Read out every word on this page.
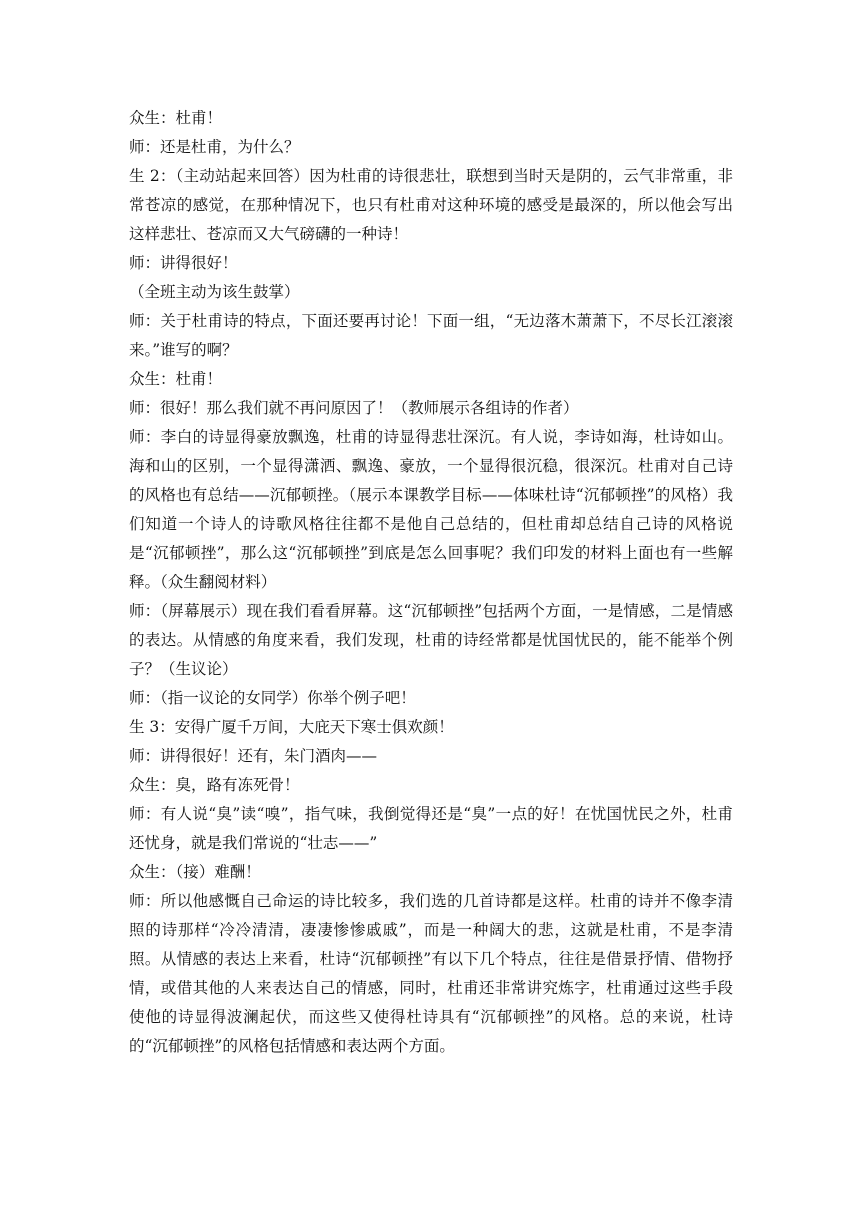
众生：杜甫！

师：还是杜甫，为什么？

生 2：（主动站起来回答）因为杜甫的诗很悲壮，联想到当时天是阴的，云气非常重，非常苍凉的感觉，在那种情况下，也只有杜甫对这种环境的感受是最深的，所以他会写出这样悲壮、苍凉而又大气磅礴的一种诗！

师：讲得很好！

（全班主动为该生鼓掌）

师：关于杜甫诗的特点，下面还要再讨论！下面一组，“无边落木萧萧下，不尽长江滚滚来。”谁写的啊？

众生：杜甫！

师：很好！那么我们就不再问原因了！（教师展示各组诗的作者）

师：李白的诗显得豪放飘逸，杜甫的诗显得悲壮深沉。有人说，李诗如海，杜诗如山。海和山的区别，一个显得潇洒、飘逸、豪放，一个显得很沉稳，很深沉。杜甫对自己诗的风格也有总结——沉郁顿挫。（展示本课教学目标——体味杜诗“沉郁顿挫”的风格）我们知道一个诗人的诗歌风格往往都不是他自己总结的，但杜甫却总结自己诗的风格说是“沉郁顿挫”，那么这“沉郁顿挫”到底是怎么回事呢？我们印发的材料上面也有一些解释。（众生翻阅材料）

师：（屏幕展示）现在我们看看屏幕。这“沉郁顿挫”包括两个方面，一是情感，二是情感的表达。从情感的角度来看，我们发现，杜甫的诗经常都是忧国忧民的，能不能举个例子？（生议论）

师：（指一议论的女同学）你举个例子吧！

生 3：安得广厦千万间，大庇天下寒士俱欢颜！

师：讲得很好！还有，朱门酒肉——

众生：臭，路有冻死骨！

师：有人说“臭”读“嗅”，指气味，我倒觉得还是“臭”一点的好！在忧国忧民之外，杜甫还忧身，就是我们常说的“壮志——”

众生：（接）难酬！

师：所以他感慨自己命运的诗比较多，我们选的几首诗都是这样。杜甫的诗并不像李清照的诗那样“冷冷清清，凄凄惨惨戚戚”，而是一种阔大的悲，这就是杜甫，不是李清照。从情感的表达上来看，杜诗“沉郁顿挫”有以下几个特点，往往是借景抒情、借物抒情，或借其他的人来表达自己的情感，同时，杜甫还非常讲究炼字，杜甫通过这些手段使他的诗显得波澜起伏，而这些又使得杜诗具有“沉郁顿挫”的风格。总的来说，杜诗的“沉郁顿挫”的风格包括情感和表达两个方面。
